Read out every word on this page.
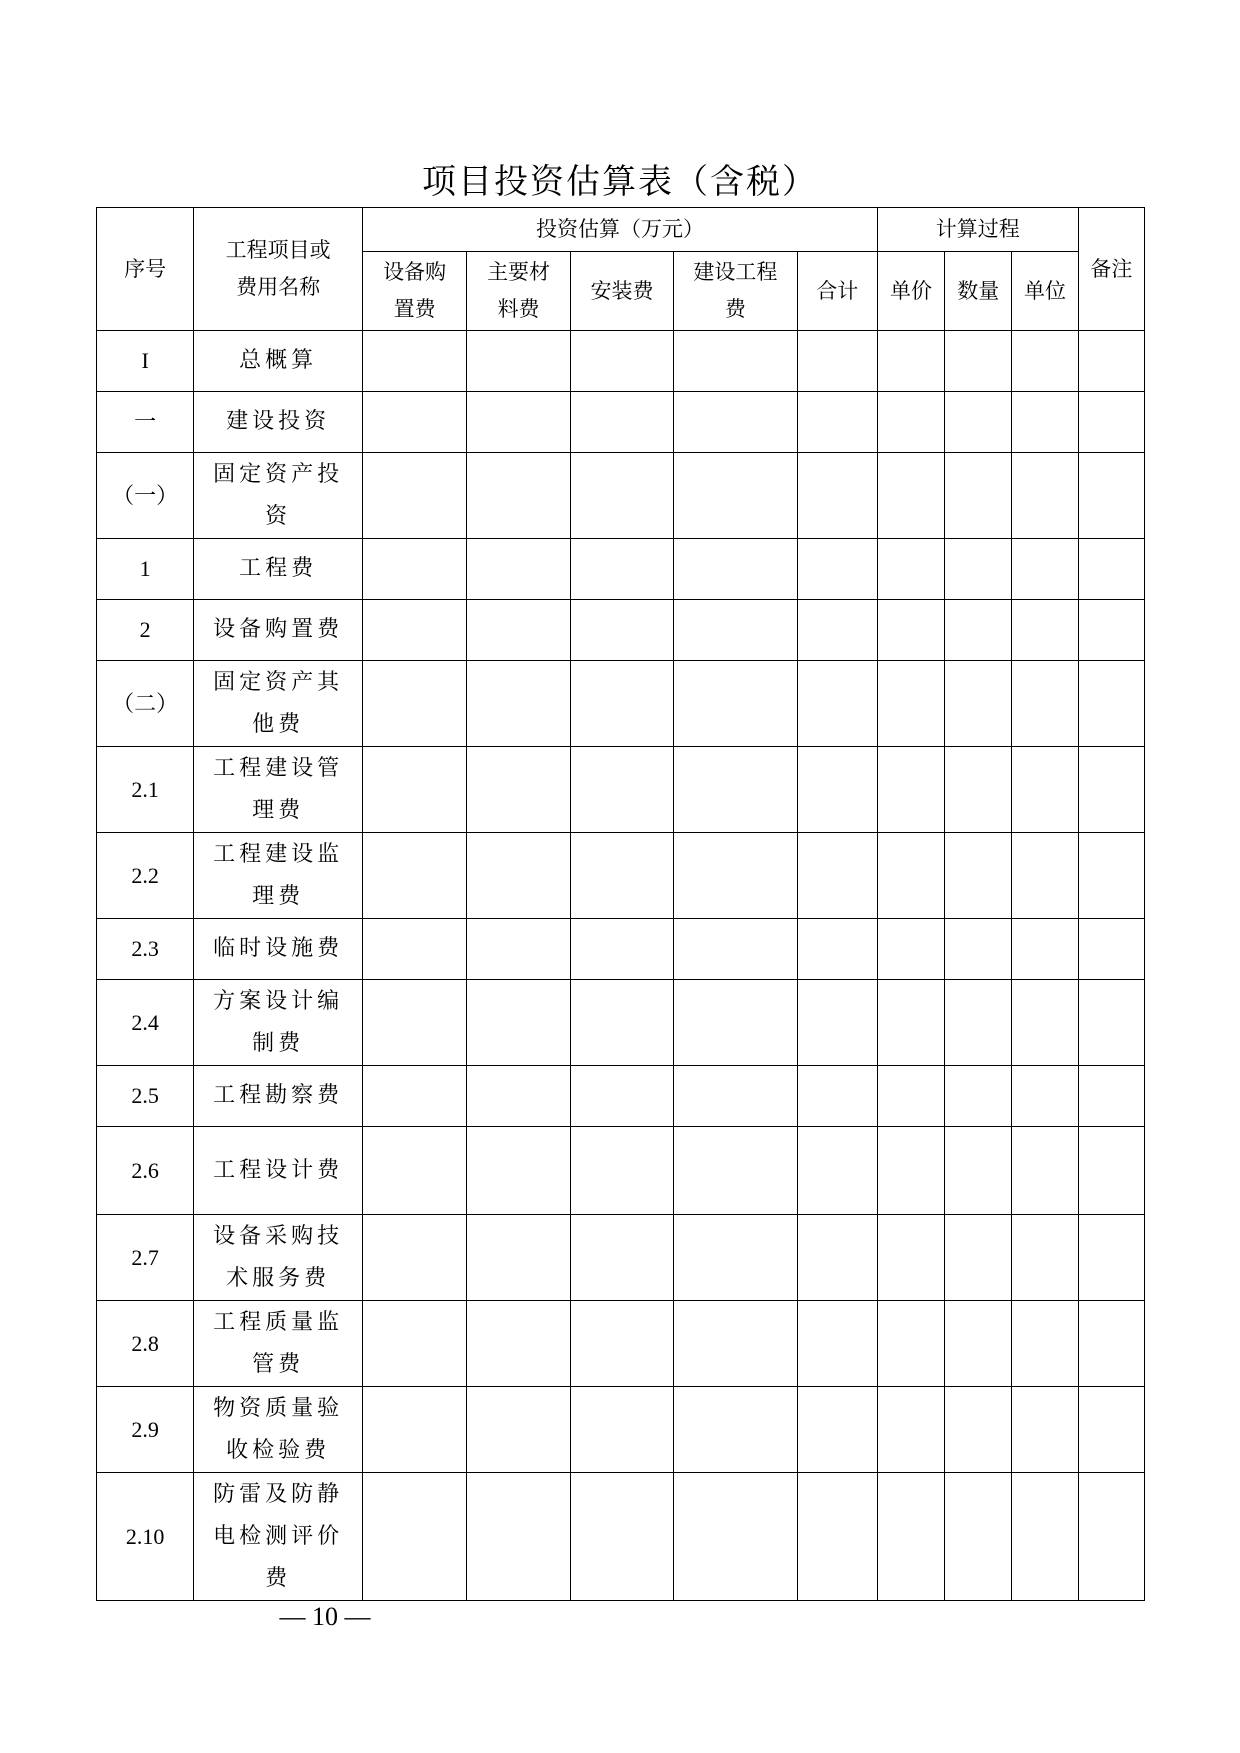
项目投资估算表（含税）
序号	工程项目或费用名称	投资估算（万元）					计算过程			备注
		设备购置费	主要材料费	安装费	建设工程费	合计	单价	数量	单位	
I	总概算									
一	建设投资									
（一）	固定资产投资									
1	工程费									
2	设备购置费									
（二）	固定资产其他费									
2.1	工程建设管理费									
2.2	工程建设监理费									
2.3	临时设施费									
2.4	方案设计编制费									
2.5	工程勘察费									
2.6	工程设计费									
2.7	设备采购技术服务费									
2.8	工程质量监管费									
2.9	物资质量验收检验费									
2.10	防雷及防静电检测评价费									
— 10 —
